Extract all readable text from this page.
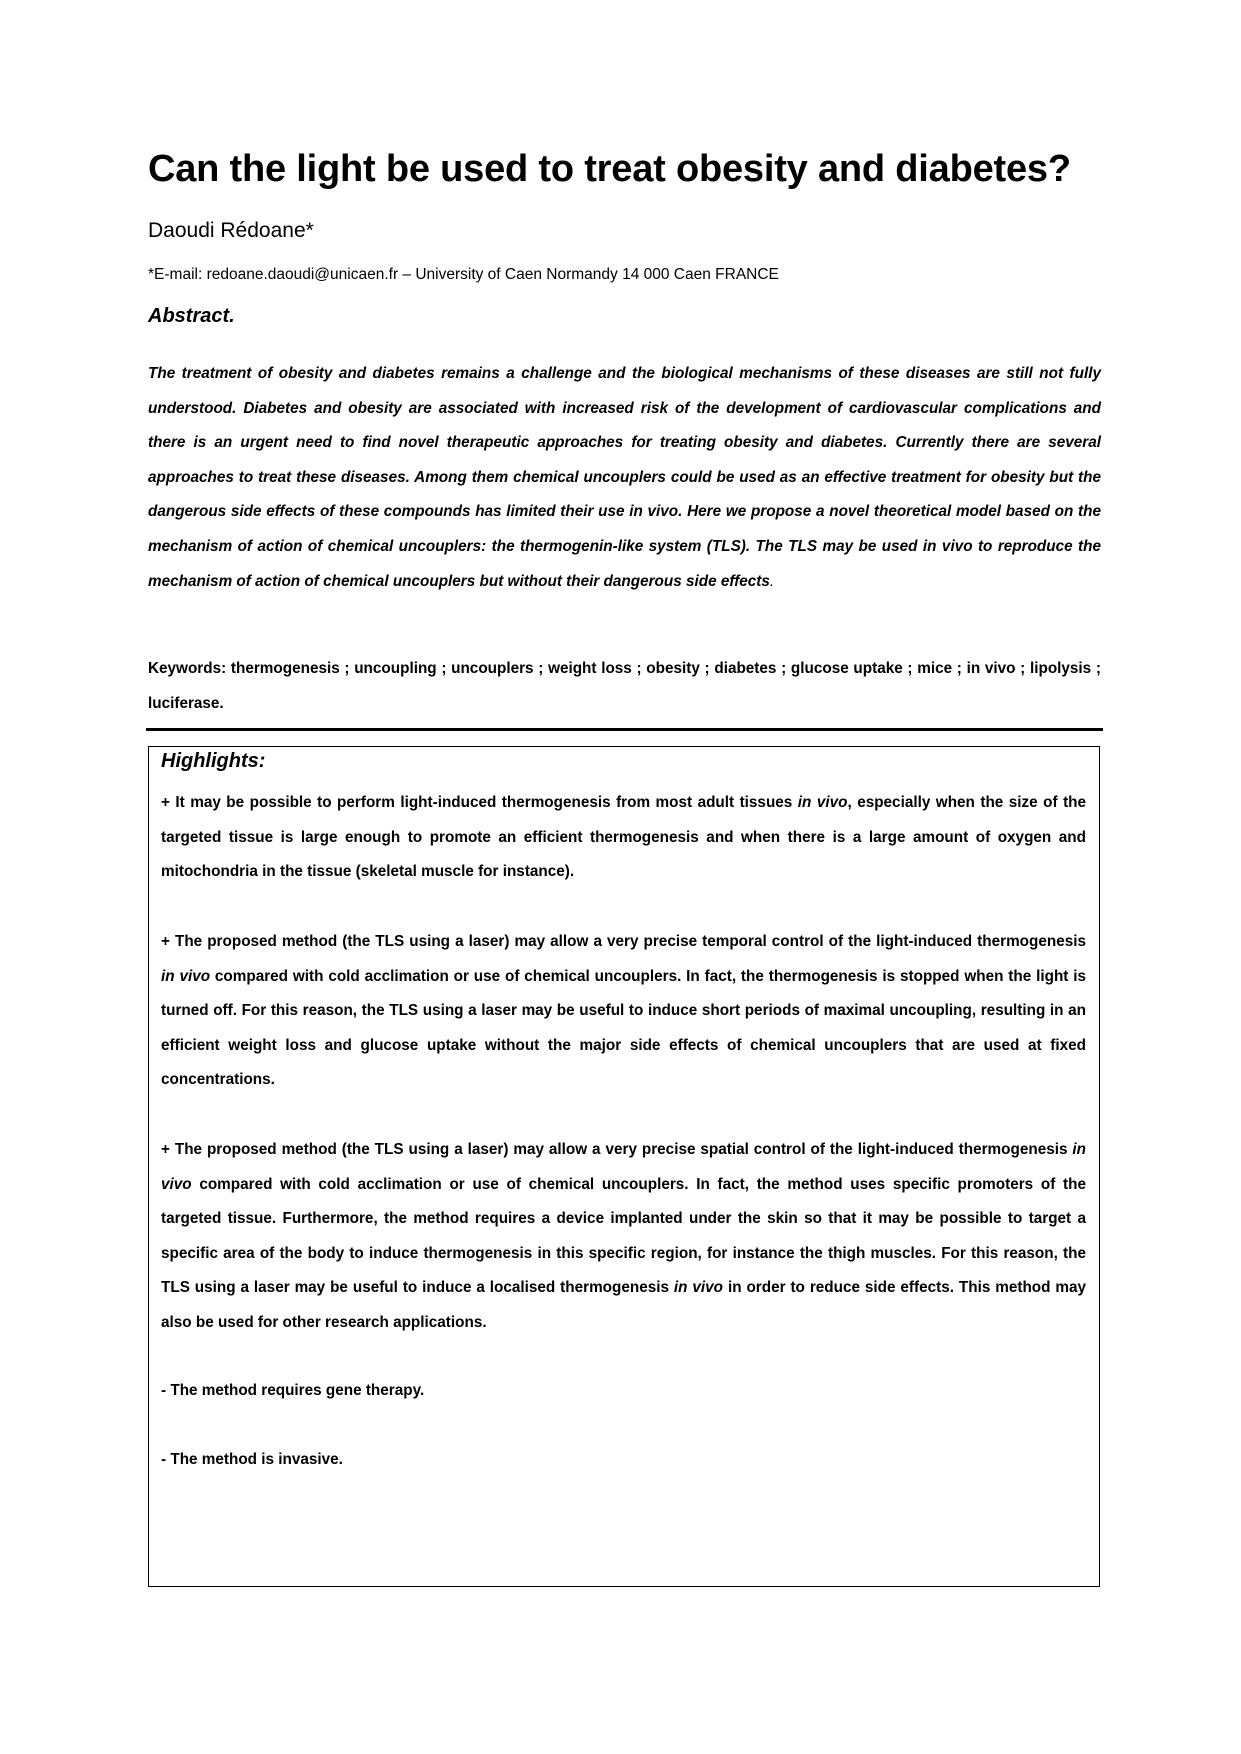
Can the light be used to treat obesity and diabetes?
Daoudi Rédoane*
*E-mail: redoane.daoudi@unicaen.fr – University of Caen Normandy 14 000 Caen FRANCE
Abstract.

The treatment of obesity and diabetes remains a challenge and the biological mechanisms of these diseases are still not fully understood. Diabetes and obesity are associated with increased risk of the development of cardiovascular complications and there is an urgent need to find novel therapeutic approaches for treating obesity and diabetes. Currently there are several approaches to treat these diseases. Among them chemical uncouplers could be used as an effective treatment for obesity but the dangerous side effects of these compounds has limited their use in vivo. Here we propose a novel theoretical model based on the mechanism of action of chemical uncouplers: the thermogenin-like system (TLS). The TLS may be used in vivo to reproduce the mechanism of action of chemical uncouplers but without their dangerous side effects.

Keywords: thermogenesis ; uncoupling ; uncouplers ; weight loss ; obesity ; diabetes ; glucose uptake ; mice ; in vivo ; lipolysis ; luciferase.

Highlights:

+ It may be possible to perform light-induced thermogenesis from most adult tissues in vivo, especially when the size of the targeted tissue is large enough to promote an efficient thermogenesis and when there is a large amount of oxygen and mitochondria in the tissue (skeletal muscle for instance).

+ The proposed method (the TLS using a laser) may allow a very precise temporal control of the light-induced thermogenesis in vivo compared with cold acclimation or use of chemical uncouplers. In fact, the thermogenesis is stopped when the light is turned off. For this reason, the TLS using a laser may be useful to induce short periods of maximal uncoupling, resulting in an efficient weight loss and glucose uptake without the major side effects of chemical uncouplers that are used at fixed concentrations.

+ The proposed method (the TLS using a laser) may allow a very precise spatial control of the light-induced thermogenesis in vivo compared with cold acclimation or use of chemical uncouplers. In fact, the method uses specific promoters of the targeted tissue. Furthermore, the method requires a device implanted under the skin so that it may be possible to target a specific area of the body to induce thermogenesis in this specific region, for instance the thigh muscles. For this reason, the TLS using a laser may be useful to induce a localised thermogenesis in vivo in order to reduce side effects. This method may also be used for other research applications.

- The method requires gene therapy.

- The method is invasive.
